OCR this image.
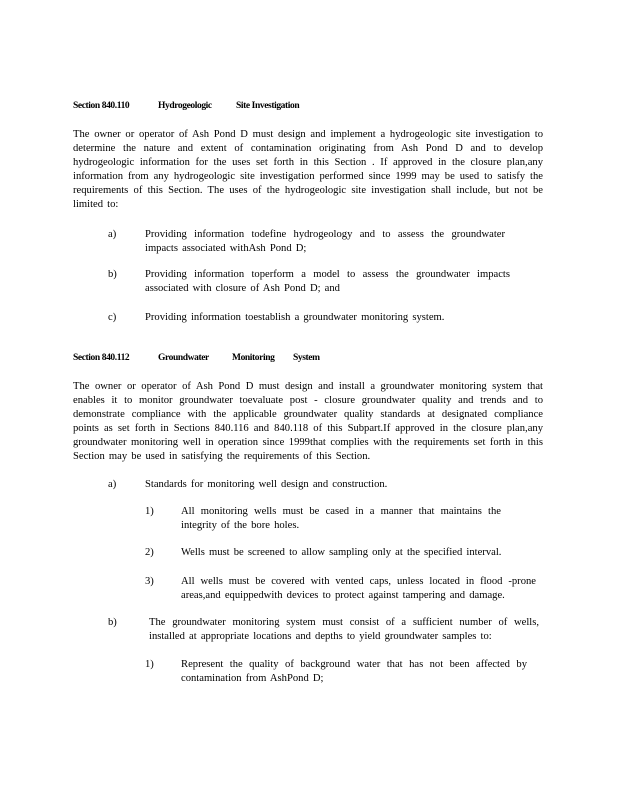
Section 840.110	Hydrogeologic	Site Investigation
The owner or operator of Ash Pond D must design and implement a hydrogeologic site investigation to determine the nature and extent of contamination originating from Ash Pond D and to develop hydrogeologic information for the uses set forth in this Section . If approved in the closure plan,any information from any hydrogeologic site investigation performed since 1999 may be used to satisfy the requirements of this Section. The uses of the hydrogeologic site investigation shall include, but not be limited to:
a)	Providing information todefine hydrogeology and to assess the groundwater impacts associated withAsh Pond D;
b)	Providing information toperform a model to assess the groundwater impacts associated with closure of Ash Pond D; and
c)	Providing information toestablish a groundwater monitoring system.
Section 840.112	Groundwater Monitoring System
The owner or operator of Ash Pond D must design and install a groundwater monitoring system that enables it to monitor groundwater toevaluate post - closure groundwater quality and trends and to demonstrate compliance with the applicable groundwater quality standards at designated compliance points as set forth in Sections 840.116 and 840.118 of this Subpart.If approved in the closure plan,any groundwater monitoring well in operation since 1999that complies with the requirements set forth in this Section may be used in satisfying the requirements of this Section.
a)	Standards for monitoring well design and construction.
1)	All monitoring wells must be cased in a manner that maintains the integrity of the bore holes.
2)	Wells must be screened to allow sampling only at the specified interval.
3)	All wells must be covered with vented caps, unless located in flood -prone areas,and equippedwith devices to protect against tampering and damage.
b)	The groundwater monitoring system must consist of a sufficient number of wells, installed at appropriate locations and depths to yield groundwater samples to:
1)	Represent the quality of background water that has not been affected by contamination from AshPond D;
